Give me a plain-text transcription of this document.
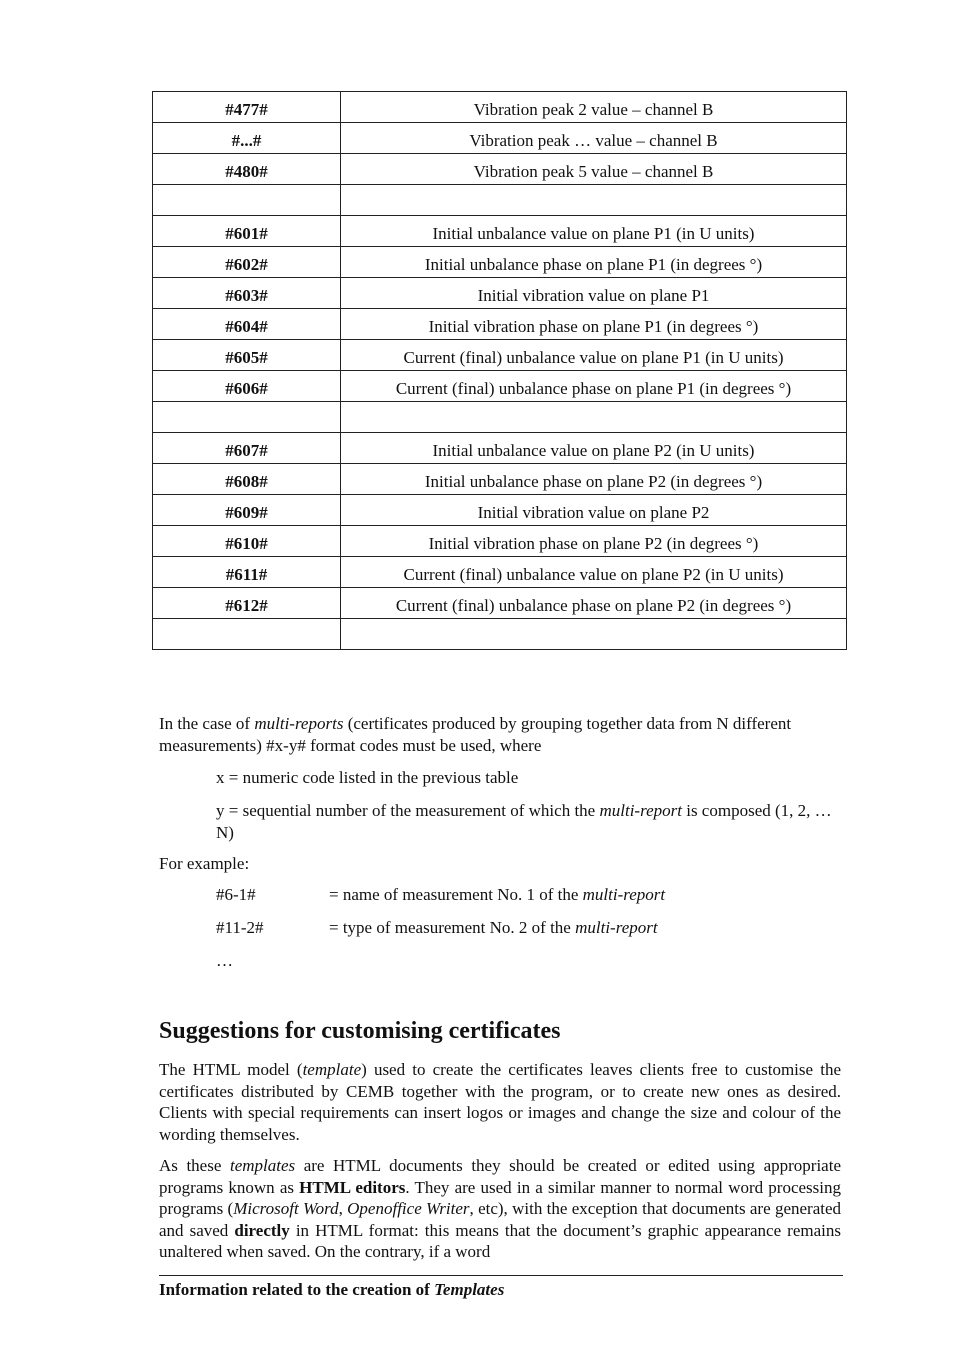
#477#	Vibration peak 2 value – channel B
#...#	Vibration peak … value – channel B
#480#	Vibration peak 5 value – channel B

#601#	Initial unbalance value on plane P1 (in U units)
#602#	Initial unbalance phase on plane P1 (in degrees °)
#603#	Initial vibration value on plane P1
#604#	Initial vibration phase on plane P1 (in degrees °)
#605#	Current (final) unbalance value on plane P1 (in U units)
#606#	Current (final) unbalance phase on plane P1 (in degrees °)

#607#	Initial unbalance value on plane P2 (in U units)
#608#	Initial unbalance phase on plane P2 (in degrees °)
#609#	Initial vibration value on plane P2
#610#	Initial vibration phase on plane P2 (in degrees °)
#611#	Current (final) unbalance value on plane P2 (in U units)
#612#	Current (final) unbalance phase on plane P2 (in degrees °)

In the case of multi-reports (certificates produced by grouping together data from N different measurements) #x-y# format codes must be used, where
x = numeric code listed in the previous table
y = sequential number of the measurement of which the multi-report is composed (1, 2, … N)
For example:
#6-1#	= name of measurement No. 1 of the multi-report
#11-2#	= type of measurement No. 2 of the multi-report
…
Suggestions for customising certificates
The HTML model (template) used to create the certificates leaves clients free to customise the certificates distributed by CEMB together with the program, or to create new ones as desired. Clients with special requirements can insert logos or images and change the size and colour of the wording themselves.
As these templates are HTML documents they should be created or edited using appropriate programs known as HTML editors. They are used in a similar manner to normal word processing programs (Microsoft Word, Openoffice Writer, etc), with the exception that documents are generated and saved directly in HTML format: this means that the document’s graphic appearance remains unaltered when saved. On the contrary, if a word
Information related to the creation of Templates
